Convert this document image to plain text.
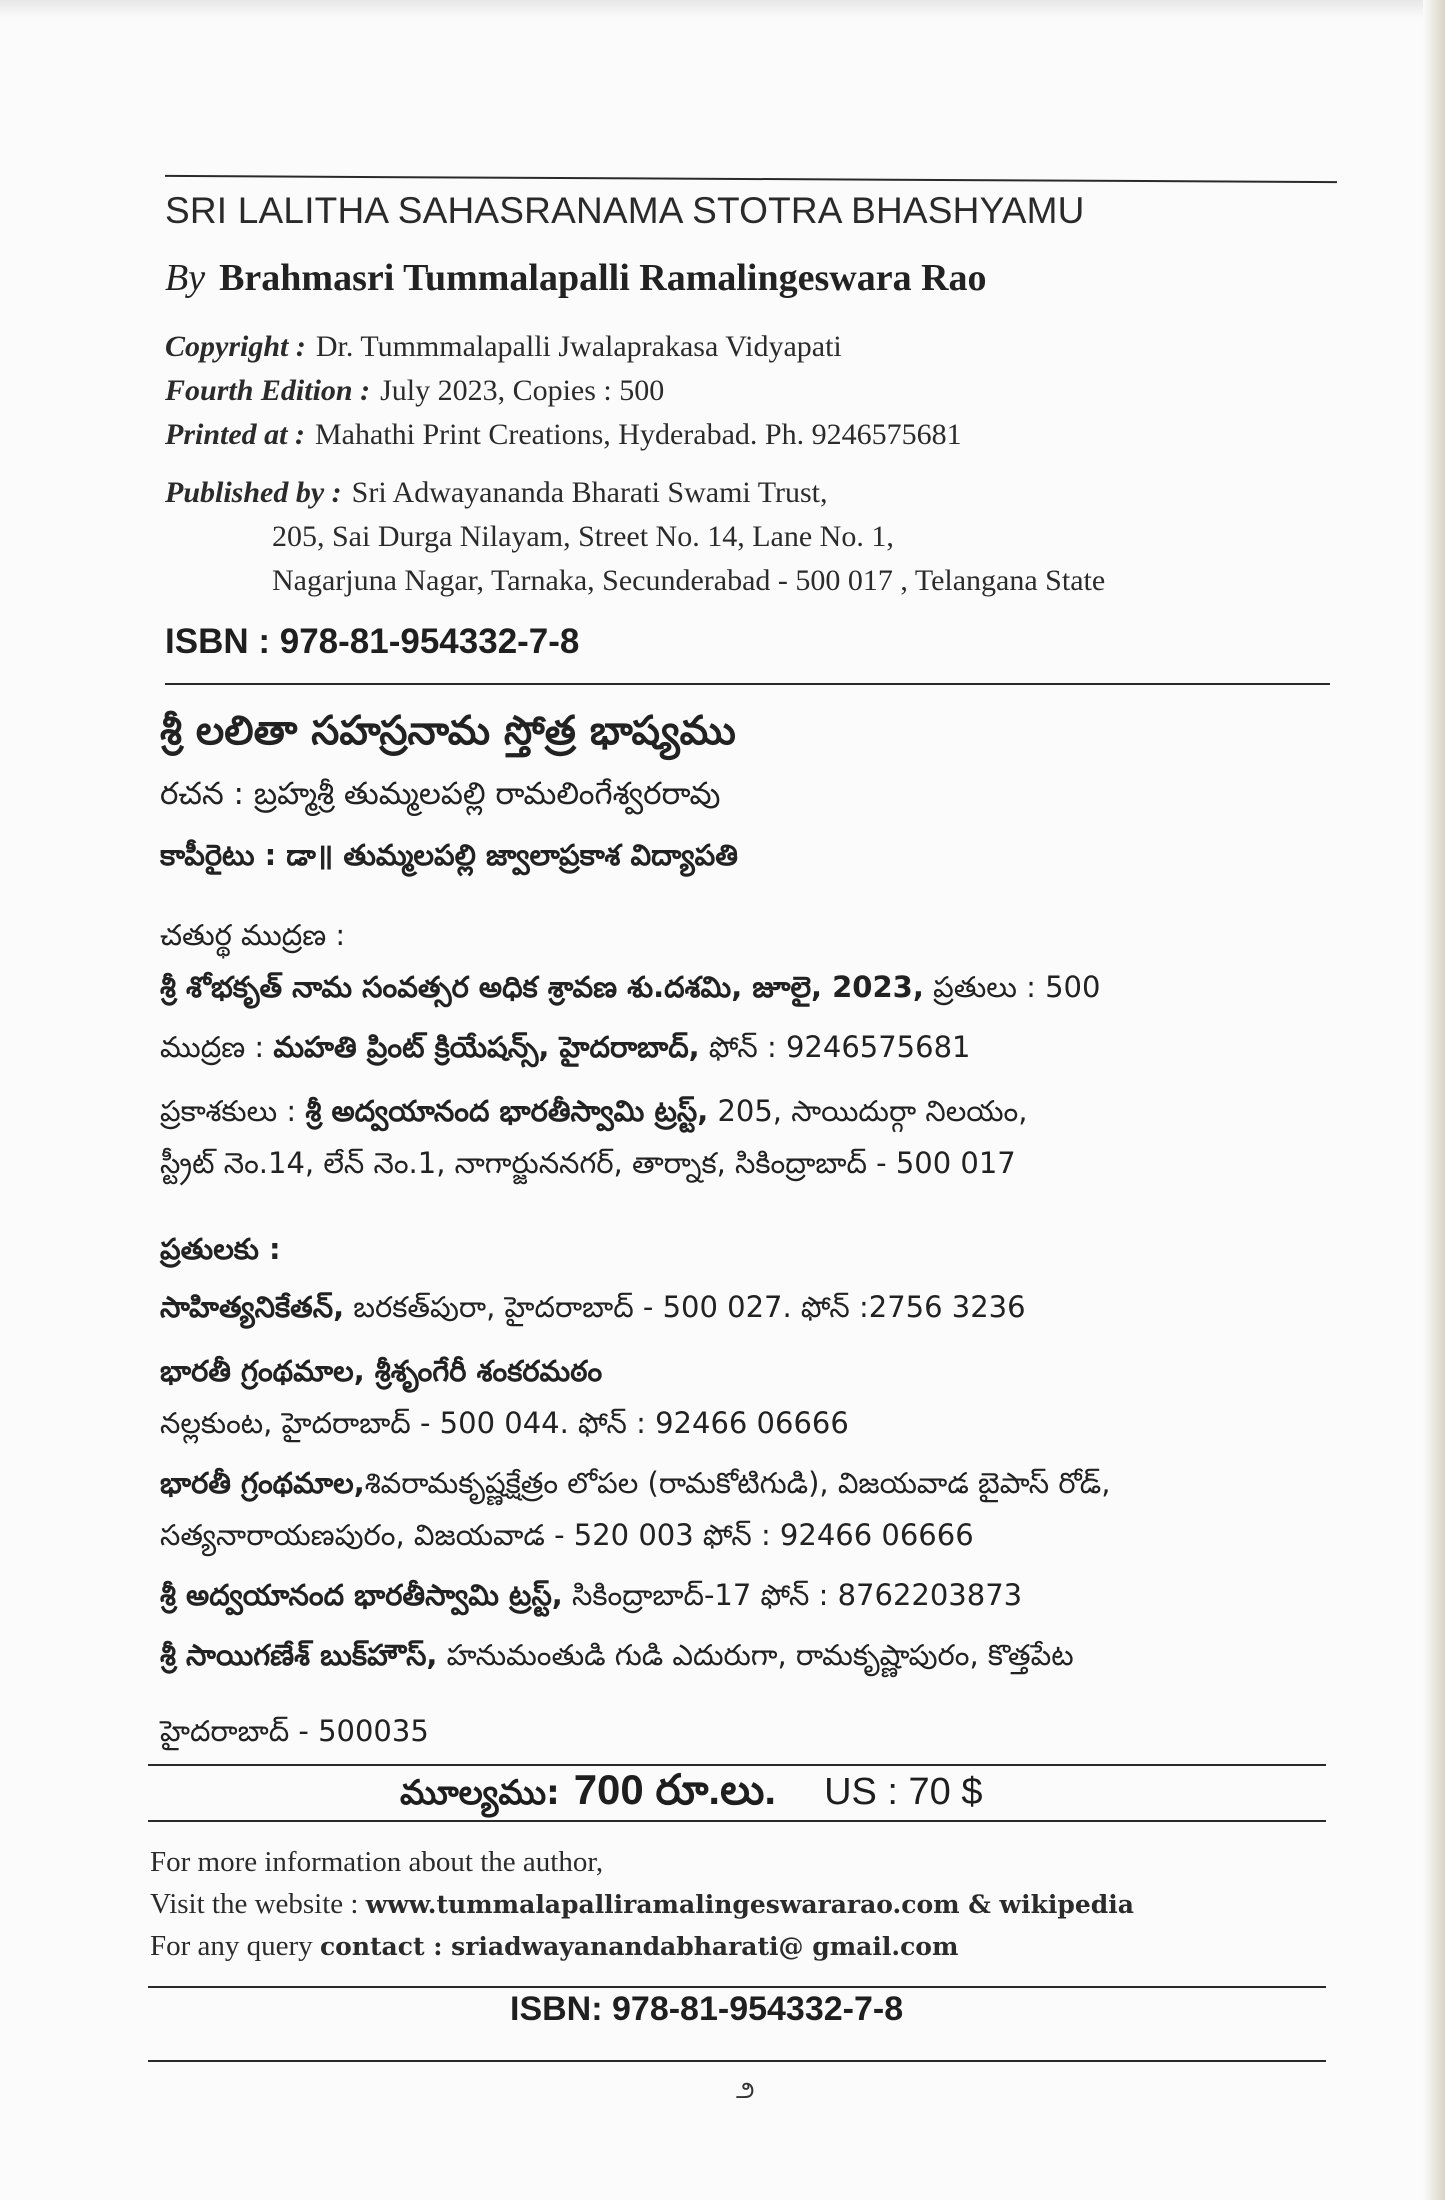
SRI LALITHA SAHASRANAMA STOTRA BHASHYAMU
By Brahmasri Tummalapalli Ramalingeswara Rao
Copyright : Dr. Tummmalapalli Jwalaprakasa Vidyapati
Fourth Edition : July 2023, Copies : 500
Printed at : Mahathi Print Creations, Hyderabad. Ph. 9246575681
Published by : Sri Adwayananda Bharati Swami Trust,
205, Sai Durga Nilayam, Street No. 14, Lane No. 1,
Nagarjuna Nagar, Tarnaka, Secunderabad - 500 017 , Telangana State
ISBN : 978-81-954332-7-8
శ్రీ లలితా సహస్రనామ స్తోత్ర భాష్యము
రచన : బ్రహ్మశ్రీ తుమ్మలపల్లి రామలింగేశ్వరరావు
కాపీరైటు : డా॥ తుమ్మలపల్లి జ్వాలాప్రకాశ విద్యాపతి
చతుర్థ ముద్రణ :
శ్రీ శోభకృత్ నామ సంవత్సర అధిక శ్రావణ శు.దశమి, జూలై, 2023, ప్రతులు : 500
ముద్రణ : మహతి ప్రింట్ క్రియేషన్స్, హైదరాబాద్, ఫోన్ : 9246575681
ప్రకాశకులు : శ్రీ అద్వయానంద భారతీస్వామి ట్రస్ట్, 205, సాయిదుర్గా నిలయం,
స్ట్రీట్ నెం.14, లేన్ నెం.1, నాగార్జుననగర్, తార్నాక, సికింద్రాబాద్ - 500 017
ప్రతులకు :
సాహిత్యనికేతన్, బరకత్‌పురా, హైదరాబాద్ - 500 027. ఫోన్ :2756 3236
భారతీ గ్రంథమాల, శ్రీశృంగేరీ శంకరమఠం
నల్లకుంట, హైదరాబాద్ - 500 044. ఫోన్ : 92466 06666
భారతీ గ్రంథమాల,శివరామకృష్ణక్షేత్రం లోపల (రామకోటిగుడి), విజయవాడ బైపాస్ రోడ్,
సత్యనారాయణపురం, విజయవాడ - 520 003 ఫోన్ : 92466 06666
శ్రీ అద్వయానంద భారతీస్వామి ట్రస్ట్, సికింద్రాబాద్-17 ఫోన్ : 8762203873
శ్రీ సాయిగణేశ్ బుక్‌హౌస్, హనుమంతుడి గుడి ఎదురుగా, రామకృష్ణాపురం, కొత్తపేట
హైదరాబాద్ - 500035
మూల్యము: 700 రూ.లు. US : 70 $
For more information about the author,
Visit the website : www.tummalapalliramalingeswararao.com & wikipedia
For any query contact : sriadwayanandabharati@ gmail.com
ISBN: 978-81-954332-7-8
౨
